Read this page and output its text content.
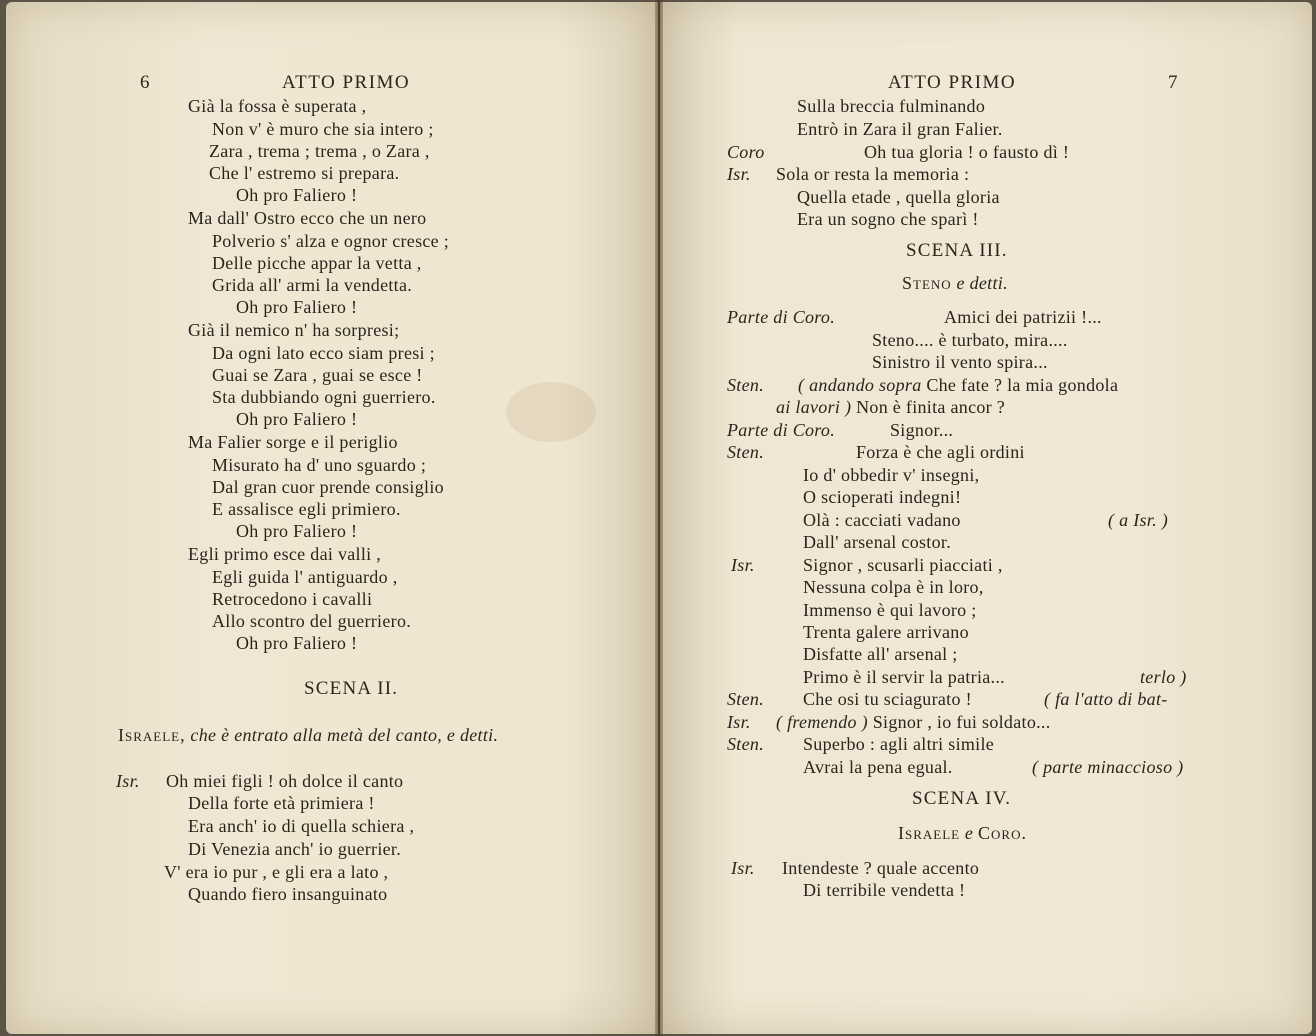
6	ATTO PRIMO
Già la fossa è superata ,
Non v' è muro che sia intero ;
Zara , trema ; trema , o Zara ,
Che l' estremo si prepara.
Oh pro Faliero !
Ma dall' Ostro ecco che un nero
Polverio s' alza e ognor cresce ;
Delle picche appar la vetta ,
Grida all' armi la vendetta.
Oh pro Faliero !
Già il nemico n' ha sorpresi;
Da ogni lato ecco siam presi ;
Guai se Zara , guai se esce !
Sta dubbiando ogni guerriero.
Oh pro Faliero !
Ma Falier sorge e il periglio
Misurato ha d' uno sguardo ;
Dal gran cuor prende consiglio
E assalisce egli primiero.
Oh pro Faliero !
Egli primo esce dai valli ,
Egli guida l' antiguardo ,
Retrocedono i cavalli
Allo scontro del guerriero.
Oh pro Faliero !
SCENA II.
Israele, che è entrato alla metà del canto, e detti.
Isr. Oh miei figli ! oh dolce il canto
Della forte età primiera !
Era anch' io di quella schiera ,
Di Venezia anch' io guerrier.
V' era io pur , e gli era a lato ,
Quando fiero insanguinato
ATTO PRIMO	7
Sulla breccia fulminando
Entrò in Zara il gran Falier.
Coro	Oh tua gloria ! o fausto dì !
Isr. Sola or resta la memoria :
Quella etade , quella gloria
Era un sogno che sparì !
SCENA III.
Steno e detti.
Parte di Coro.	Amici dei patrizii !...
Steno.... è turbato, mira....
Sinistro il vento spira...
Sten. ( andando sopra Che fate ? la mia gondola
ai lavori ) Non è finita ancor ?
Parte di Coro.	Signor...
Sten.	Forza è che agli ordini
Io d' obbedir v' insegni,
O scioperati indegni!
Olà : cacciati vadano	( a Isr. )
Dall' arsenal costor.
Isr.	Signor , scusarli piacciati ,
Nessuna colpa è in loro,
Immenso è qui lavoro ;
Trenta galere arrivano
Disfatte all' arsenal ;
Primo è il servir la patria...	terlo )
Sten. Che osi tu sciagurato !	( fa l'atto di bat-
Isr. ( fremendo ) Signor , io fui soldato...
Sten. Superbo : agli altri simile
Avrai la pena egual.	( parte minaccioso )
SCENA IV.
Israele e Coro.
Isr. Intendeste ? quale accento
Di terribile vendetta !
